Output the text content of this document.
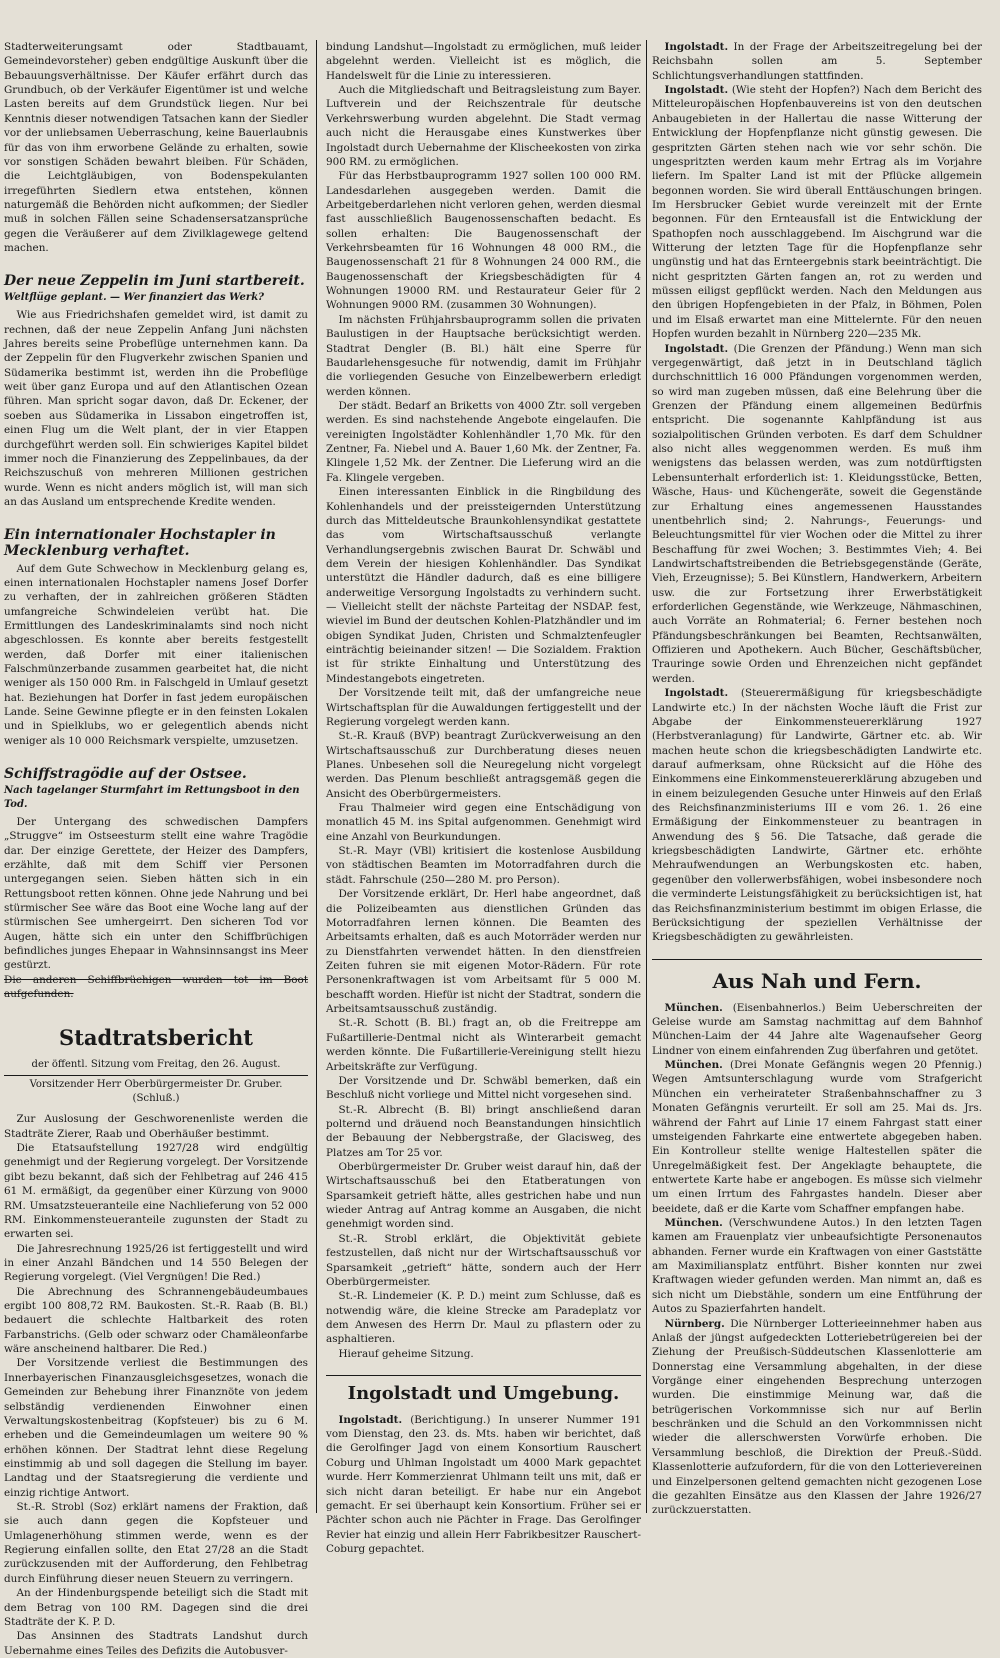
Stadterweiterungsamt oder Stadtbauamt, Gemeindevorsteher) geben endgültige Auskunft über die Bebauungsverhältnisse. Der Käufer erfährt durch das Grundbuch, ob der Verkäufer Eigentümer ist und welche Lasten bereits auf dem Grundstück liegen. Nur bei Kenntnis dieser notwendigen Tatsachen kann der Siedler vor der unliebsamen Ueberraschung, keine Bauerlaubnis für das von ihm erworbene Gelände zu erhalten, sowie vor sonstigen Schäden bewahrt bleiben. Für Schäden, die Leichtgläubigen, von Bodenspekulanten irregeführten Siedlern etwa entstehen, können naturgemäß die Behörden nicht aufkommen; der Siedler muß in solchen Fällen seine Schadensersatzansprüche gegen die Veräußerer auf dem Zivilklagewege geltend machen.

Der neue Zeppelin im Juni startbereit.
Weltflüge geplant. — Wer finanziert das Werk?

Wie aus Friedrichshafen gemeldet wird, ist damit zu rechnen, daß der neue Zeppelin Anfang Juni nächsten Jahres bereits seine Probeflüge unternehmen kann. Da der Zeppelin für den Flugverkehr zwischen Spanien und Südamerika bestimmt ist, werden ihn die Probeflüge weit über ganz Europa und auf den Atlantischen Ozean führen. Man spricht sogar davon, daß Dr. Eckener, der soeben aus Südamerika in Lissabon eingetroffen ist, einen Flug um die Welt plant, der in vier Etappen durchgeführt werden soll. Ein schwieriges Kapitel bildet immer noch die Finanzierung des Zeppelinbaues, da der Reichszuschuß von mehreren Millionen gestrichen wurde. Wenn es nicht anders möglich ist, will man sich an das Ausland um entsprechende Kredite wenden.

Ein internationaler Hochstapler in Mecklenburg verhaftet.

Auf dem Gute Schwechow in Mecklenburg gelang es, einen internationalen Hochstapler namens Josef Dorfer zu verhaften, der in zahlreichen größeren Städten umfangreiche Schwindeleien verübt hat. Die Ermittlungen des Landeskriminalamts sind noch nicht abgeschlossen. Es konnte aber bereits festgestellt werden, daß Dorfer mit einer italienischen Falschmünzerbande zusammen gearbeitet hat, die nicht weniger als 150 000 Rm. in Falschgeld in Umlauf gesetzt hat. Beziehungen hat Dorfer in fast jedem europäischen Lande. Seine Gewinne pflegte er in den feinsten Lokalen und in Spielklubs, wo er gelegentlich abends nicht weniger als 10 000 Reichsmark verspielte, umzusetzen.

Schiffstragödie auf der Ostsee.
Nach tagelanger Sturmfahrt im Rettungsboot in den Tod.

Der Untergang des schwedischen Dampfers „Struggve“ im Ostseesturm stellt eine wahre Tragödie dar. Der einzige Gerettete, der Heizer des Dampfers, erzählte, daß mit dem Schiff vier Personen untergegangen seien. Sieben hätten sich in ein Rettungsboot retten können. Ohne jede Nahrung und bei stürmischer See wäre das Boot eine Woche lang auf der stürmischen See umhergeirrt. Den sicheren Tod vor Augen, hätte sich ein unter den Schiffbrüchigen befindliches junges Ehepaar in Wahnsinnsangst ins Meer gestürzt.

Die anderen Schiffbrüchigen wurden tot im Boot aufgefunden.

Stadtratsbericht

der öffentl. Sitzung vom Freitag, den 26. August.

Vorsitzender Herr Oberbürgermeister Dr. Gruber.

(Schluß.)

Zur Auslosung der Geschworenenliste werden die Stadträte Zierer, Raab und Oberhäußer bestimmt.

Die Etatsaufstellung 1927/28 wird endgültig genehmigt und der Regierung vorgelegt. Der Vorsitzende gibt bezu bekannt, daß sich der Fehlbetrag auf 246 415 61 M. ermäßigt, da gegenüber einer Kürzung von 9000 RM. Umsatzsteueranteile eine Nachlieferung von 52 000 RM. Einkommensteueranteile zugunsten der Stadt zu erwarten sei.

Die Jahresrechnung 1925/26 ist fertiggestellt und wird in einer Anzahl Bändchen und 14 550 Belegen der Regierung vorgelegt. (Viel Vergnügen! Die Red.)

Die Abrechnung des Schrannengebäudeumbaues ergibt 100 808,72 RM. Baukosten. St.-R. Raab (B. Bl.) bedauert die schlechte Haltbarkeit des roten Farbanstrichs. (Gelb oder schwarz oder Chamäleonfarbe wäre anscheinend haltbarer. Die Red.)

Der Vorsitzende verliest die Bestimmungen des Innerbayerischen Finanzausgleichsgesetzes, wonach die Gemeinden zur Behebung ihrer Finanznöte von jedem selbständig verdienenden Einwohner einen Verwaltungskostenbeitrag (Kopfsteuer) bis zu 6 M. erheben und die Gemeindeumlagen um weitere 90 % erhöhen können. Der Stadtrat lehnt diese Regelung einstimmig ab und soll dagegen die Stellung im bayer. Landtag und der Staatsregierung die verdiente und einzig richtige Antwort.

St.-R. Strobl (Soz) erklärt namens der Fraktion, daß sie auch dann gegen die Kopfsteuer und Umlagenerhöhung stimmen werde, wenn es der Regierung einfallen sollte, den Etat 27/28 an die Stadt zurückzusenden mit der Aufforderung, den Fehlbetrag durch Einführung dieser neuen Steuern zu verringern.

An der Hindenburgspende beteiligt sich die Stadt mit dem Betrag von 100 RM. Dagegen sind die drei Stadträte der K. P. D.

Das Ansinnen des Stadtrats Landshut durch Uebernahme eines Teiles des Defizits die Autobusver-

bindung Landshut—Ingolstadt zu ermöglichen, muß leider abgelehnt werden. Vielleicht ist es möglich, die Handelswelt für die Linie zu interessieren.

Auch die Mitgliedschaft und Beitragsleistung zum Bayer. Luftverein und der Reichszentrale für deutsche Verkehrswerbung wurden abgelehnt. Die Stadt vermag auch nicht die Herausgabe eines Kunstwerkes über Ingolstadt durch Uebernahme der Klischeekosten von zirka 900 RM. zu ermöglichen.

Für das Herbstbauprogramm 1927 sollen 100 000 RM. Landesdarlehen ausgegeben werden. Damit die Arbeitgeberdarlehen nicht verloren gehen, werden diesmal fast ausschließlich Baugenossenschaften bedacht. Es sollen erhalten: Die Baugenossenschaft der Verkehrsbeamten für 16 Wohnungen 48 000 RM., die Baugenossenschaft 21 für 8 Wohnungen 24 000 RM., die Baugenossenschaft der Kriegsbeschädigten für 4 Wohnungen 19000 RM. und Restaurateur Geier für 2 Wohnungen 9000 RM. (zusammen 30 Wohnungen).

Im nächsten Frühjahrsbauprogramm sollen die privaten Baulustigen in der Hauptsache berücksichtigt werden. Stadtrat Dengler (B. Bl.) hält eine Sperre für Baudarlehensgesuche für notwendig, damit im Frühjahr die vorliegenden Gesuche von Einzelbewerbern erledigt werden können.

Der städt. Bedarf an Briketts von 4000 Ztr. soll vergeben werden. Es sind nachstehende Angebote eingelaufen. Die vereinigten Ingolstädter Kohlenhändler 1,70 Mk. für den Zentner, Fa. Niebel und A. Bauer 1,60 Mk. der Zentner, Fa. Klingele 1,52 Mk. der Zentner. Die Lieferung wird an die Fa. Klingele vergeben.

Einen interessanten Einblick in die Ringbildung des Kohlenhandels und der preissteigernden Unterstützung durch das Mitteldeutsche Braunkohlensyndikat gestattete das vom Wirtschaftsausschuß verlangte Verhandlungsergebnis zwischen Baurat Dr. Schwäbl und dem Verein der hiesigen Kohlenhändler. Das Syndikat unterstützt die Händler dadurch, daß es eine billigere anderweitige Versorgung Ingolstadts zu verhindern sucht. — Vielleicht stellt der nächste Parteitag der NSDAP. fest, wieviel im Bund der deutschen Kohlen-Platzhändler und im obigen Syndikat Juden, Christen und Schmalztenfeugler einträchtig beieinander sitzen! — Die Sozialdem. Fraktion ist für strikte Einhaltung und Unterstützung des Mindestangebots eingetreten.

Der Vorsitzende teilt mit, daß der umfangreiche neue Wirtschaftsplan für die Auwaldungen fertiggestellt und der Regierung vorgelegt werden kann.

St.-R. Krauß (BVP) beantragt Zurückverweisung an den Wirtschaftsausschuß zur Durchberatung dieses neuen Planes. Unbesehen soll die Neuregelung nicht vorgelegt werden. Das Plenum beschließt antragsgemäß gegen die Ansicht des Oberbürgermeisters.

Frau Thalmeier wird gegen eine Entschädigung von monatlich 45 M. ins Spital aufgenommen. Genehmigt wird eine Anzahl von Beurkundungen.

St.-R. Mayr (VBl) kritisiert die kostenlose Ausbildung von städtischen Beamten im Motorradfahren durch die städt. Fahrschule (250—280 M. pro Person).

Der Vorsitzende erklärt, Dr. Herl habe angeordnet, daß die Polizeibeamten aus dienstlichen Gründen das Motorradfahren lernen können. Die Beamten des Arbeitsamts erhalten, daß es auch Motorräder werden nur zu Dienstfahrten verwendet hätten. In den dienstfreien Zeiten fuhren sie mit eigenen Motor-Rädern. Für rote Personenkraftwagen ist vom Arbeitsamt für 5 000 M. beschafft worden. Hiefür ist nicht der Stadtrat, sondern die Arbeitsamtsausschuß zuständig.

St.-R. Schott (B. Bl.) fragt an, ob die Freitreppe am Fußartillerie-Dentmal nicht als Winterarbeit gemacht werden könnte. Die Fußartillerie-Vereinigung stellt hiezu Arbeitskräfte zur Verfügung.

Der Vorsitzende und Dr. Schwäbl bemerken, daß ein Beschluß nicht vorliege und Mittel nicht vorgesehen sind.

St.-R. Albrecht (B. Bl) bringt anschließend daran polternd und dräuend noch Beanstandungen hinsichtlich der Bebauung der Nebbergstraße, der Glacisweg, des Platzes am Tor 25 vor.

Oberbürgermeister Dr. Gruber weist darauf hin, daß der Wirtschaftsausschuß bei den Etatberatungen von Sparsamkeit getrieft hätte, alles gestrichen habe und nun wieder Antrag auf Antrag komme an Ausgaben, die nicht genehmigt worden sind.

St.-R. Strobl erklärt, die Objektivität gebiete festzustellen, daß nicht nur der Wirtschaftsausschuß vor Sparsamkeit „getrieft“ hätte, sondern auch der Herr Oberbürgermeister.

St.-R. Lindemeier (K. P. D.) meint zum Schlusse, daß es notwendig wäre, die kleine Strecke am Paradeplatz vor dem Anwesen des Herrn Dr. Maul zu pflastern oder zu asphaltieren.

Hierauf geheime Sitzung.

Ingolstadt und Umgebung.

Ingolstadt. (Berichtigung.) In unserer Nummer 191 vom Dienstag, den 23. ds. Mts. haben wir berichtet, daß die Gerolfinger Jagd von einem Konsortium Rauschert Coburg und Uhlman Ingolstadt um 4000 Mark gepachtet wurde. Herr Kommerzienrat Uhlmann teilt uns mit, daß er sich nicht daran beteiligt. Er habe nur ein Angebot gemacht. Er sei überhaupt kein Konsortium. Früher sei er Pächter schon auch nie Pächter in Frage. Das Gerolfinger Revier hat einzig und allein Herr Fabrikbesitzer Rauschert-Coburg gepachtet.

Ingolstadt. In der Frage der Arbeitszeitregelung bei der Reichsbahn sollen am 5. September Schlichtungsverhandlungen stattfinden.

Ingolstadt. (Wie steht der Hopfen?) Nach dem Bericht des Mitteleuropäischen Hopfenbauvereins ist von den deutschen Anbaugebieten in der Hallertau die nasse Witterung der Entwicklung der Hopfenpflanze nicht günstig gewesen. Die gespritzten Gärten stehen nach wie vor sehr schön. Die ungespritzten werden kaum mehr Ertrag als im Vorjahre liefern. Im Spalter Land ist mit der Pflücke allgemein begonnen worden. Sie wird überall Enttäuschungen bringen. Im Hersbrucker Gebiet wurde vereinzelt mit der Ernte begonnen. Für den Ernteausfall ist die Entwicklung der Spathopfen noch ausschlaggebend. Im Aischgrund war die Witterung der letzten Tage für die Hopfenpflanze sehr ungünstig und hat das Ernteergebnis stark beeinträchtigt. Die nicht gespritzten Gärten fangen an, rot zu werden und müssen eiligst gepflückt werden. Nach den Meldungen aus den übrigen Hopfengebieten in der Pfalz, in Böhmen, Polen und im Elsaß erwartet man eine Mittelernte. Für den neuen Hopfen wurden bezahlt in Nürnberg 220—235 Mk.

Ingolstadt. (Die Grenzen der Pfändung.) Wenn man sich vergegenwärtigt, daß jetzt in in Deutschland täglich durchschnittlich 16 000 Pfändungen vorgenommen werden, so wird man zugeben müssen, daß eine Belehrung über die Grenzen der Pfändung einem allgemeinen Bedürfnis entspricht. Die sogenannte Kahlpfändung ist aus sozialpolitischen Gründen verboten. Es darf dem Schuldner also nicht alles weggenommen werden. Es muß ihm wenigstens das belassen werden, was zum notdürftigsten Lebensunterhalt erforderlich ist: 1. Kleidungsstücke, Betten, Wäsche, Haus- und Küchengeräte, soweit die Gegenstände zur Erhaltung eines angemessenen Hausstandes unentbehrlich sind; 2. Nahrungs-, Feuerungs- und Beleuchtungsmittel für vier Wochen oder die Mittel zu ihrer Beschaffung für zwei Wochen; 3. Bestimmtes Vieh; 4. Bei Landwirtschaftstreibenden die Betriebsgegenstände (Geräte, Vieh, Erzeugnisse); 5. Bei Künstlern, Handwerkern, Arbeitern usw. die zur Fortsetzung ihrer Erwerbstätigkeit erforderlichen Gegenstände, wie Werkzeuge, Nähmaschinen, auch Vorräte an Rohmaterial; 6. Ferner bestehen noch Pfändungsbeschränkungen bei Beamten, Rechtsanwälten, Offizieren und Apothekern. Auch Bücher, Geschäftsbücher, Trauringe sowie Orden und Ehrenzeichen nicht gepfändet werden.

Ingolstadt. (Steuerermäßigung für kriegsbeschädigte Landwirte etc.) In der nächsten Woche läuft die Frist zur Abgabe der Einkommensteuererklärung 1927 (Herbstveranlagung) für Landwirte, Gärtner etc. ab. Wir machen heute schon die kriegsbeschädigten Landwirte etc. darauf aufmerksam, ohne Rücksicht auf die Höhe des Einkommens eine Einkommensteuererklärung abzugeben und in einem beizulegenden Gesuche unter Hinweis auf den Erlaß des Reichsfinanzministeriums III e vom 26. 1. 26 eine Ermäßigung der Einkommensteuer zu beantragen in Anwendung des § 56. Die Tatsache, daß gerade die kriegsbeschädigten Landwirte, Gärtner etc. erhöhte Mehraufwendungen an Werbungskosten etc. haben, gegenüber den vollerwerbsfähigen, wobei insbesondere noch die verminderte Leistungsfähigkeit zu berücksichtigen ist, hat das Reichsfinanzministerium bestimmt im obigen Erlasse, die Berücksichtigung der speziellen Verhältnisse der Kriegsbeschädigten zu gewährleisten.

Aus Nah und Fern.

München. (Eisenbahnerlos.) Beim Ueberschreiten der Geleise wurde am Samstag nachmittag auf dem Bahnhof München-Laim der 44 Jahre alte Wagenaufseher Georg Lindner von einem einfahrenden Zug überfahren und getötet.

München. (Drei Monate Gefängnis wegen 20 Pfennig.) Wegen Amtsunterschlagung wurde vom Strafgericht München ein verheirateter Straßenbahnschaffner zu 3 Monaten Gefängnis verurteilt. Er soll am 25. Mai ds. Jrs. während der Fahrt auf Linie 17 einem Fahrgast statt einer umsteigenden Fahrkarte eine entwertete abgegeben haben. Ein Kontrolleur stellte wenige Haltestellen später die Unregelmäßigkeit fest. Der Angeklagte behauptete, die entwertete Karte habe er angebogen. Es müsse sich vielmehr um einen Irrtum des Fahrgastes handeln. Dieser aber beeidete, daß er die Karte vom Schaffner empfangen habe.

München. (Verschwundene Autos.) In den letzten Tagen kamen am Frauenplatz vier unbeaufsichtigte Personenautos abhanden. Ferner wurde ein Kraftwagen von einer Gaststätte am Maximiliansplatz entführt. Bisher konnten nur zwei Kraftwagen wieder gefunden werden. Man nimmt an, daß es sich nicht um Diebstähle, sondern um eine Entführung der Autos zu Spazierfahrten handelt.

Nürnberg. Die Nürnberger Lotterieeinnehmer haben aus Anlaß der jüngst aufgedeckten Lotteriebetrügereien bei der Ziehung der Preußisch-Süddeutschen Klassenlotterie am Donnerstag eine Versammlung abgehalten, in der diese Vorgänge einer eingehenden Besprechung unterzogen wurden. Die einstimmige Meinung war, daß die betrügerischen Vorkommnisse sich nur auf Berlin beschränken und die Schuld an den Vorkommnissen nicht wieder die allerschwersten Vorwürfe erhoben. Die Versammlung beschloß, die Direktion der Preuß.-Südd. Klassenlotterie aufzufordern, für die von den Lotterievereinen und Einzelpersonen geltend gemachten nicht gezogenen Lose die gezahlten Einsätze aus den Klassen der Jahre 1926/27 zurückzuerstatten.
